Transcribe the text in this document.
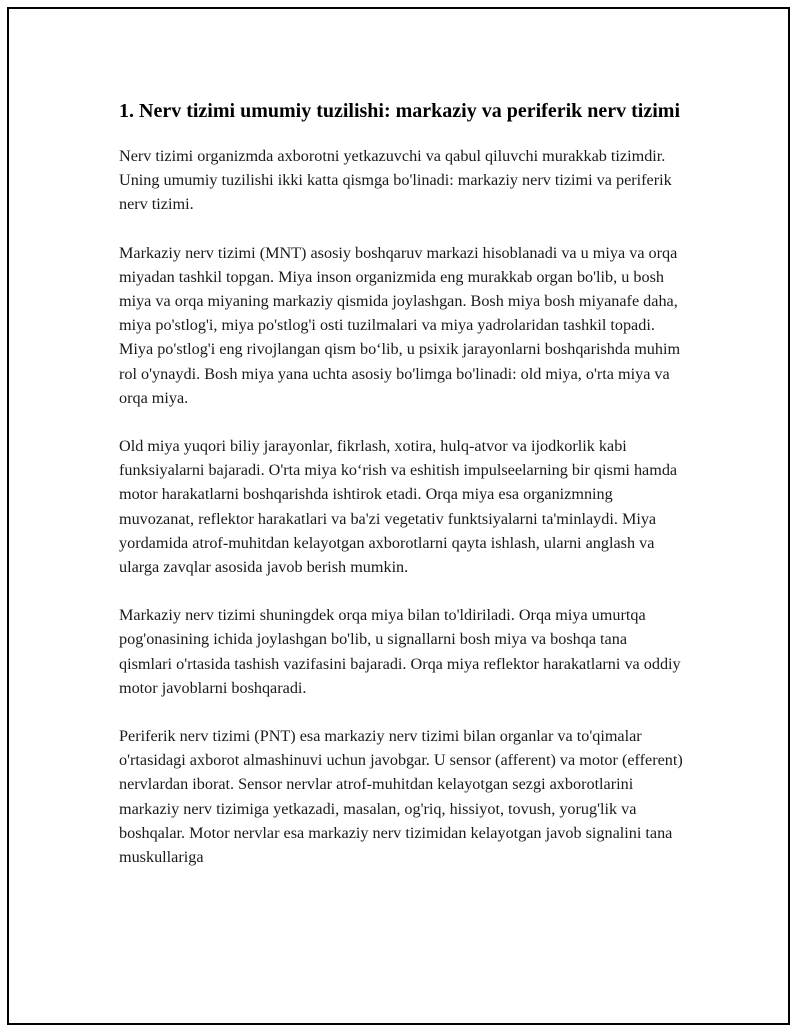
1. Nerv tizimi umumiy tuzilishi: markaziy va periferik nerv tizimi

Nerv tizimi organizmda axborotni yetkazuvchi va qabul qiluvchi murakkab tizimdir. Uning umumiy tuzilishi ikki katta qismga bo'linadi: markaziy nerv tizimi va periferik nerv tizimi.

Markaziy nerv tizimi (MNT) asosiy boshqaruv markazi hisoblanadi va u miya va orqa miyadan tashkil topgan. Miya inson organizmida eng murakkab organ bo'lib, u bosh miya va orqa miyaning markaziy qismida joylashgan. Bosh miya bosh miyanafe daha, miya po'stlog'i, miya po'stlog'i osti tuzilmalari va miya yadrolaridan tashkil topadi. Miya po'stlog'i eng rivojlangan qism bo‘lib, u psixik jarayonlarni boshqarishda muhim rol o'ynaydi. Bosh miya yana uchta asosiy bo'limga bo'linadi: old miya, o'rta miya va orqa miya.

Old miya yuqori biliy jarayonlar, fikrlash, xotira, hulq-atvor va ijodkorlik kabi funksiyalarni bajaradi. O'rta miya ko‘rish va eshitish impulseelarning bir qismi hamda motor harakatlarni boshqarishda ishtirok etadi. Orqa miya esa organizmning muvozanat, reflektor harakatlari va ba'zi vegetativ funktsiyalarni ta'minlaydi. Miya yordamida atrof-muhitdan kelayotgan axborotlarni qayta ishlash, ularni anglash va ularga zavqlar asosida javob berish mumkin.

Markaziy nerv tizimi shuningdek orqa miya bilan to'ldiriladi. Orqa miya umurtqa pog'onasining ichida joylashgan bo'lib, u signallarni bosh miya va boshqa tana qismlari o'rtasida tashish vazifasini bajaradi. Orqa miya reflektor harakatlarni va oddiy motor javoblarni boshqaradi.

Periferik nerv tizimi (PNT) esa markaziy nerv tizimi bilan organlar va to'qimalar o'rtasidagi axborot almashinuvi uchun javobgar. U sensor (afferent) va motor (efferent) nervlardan iborat. Sensor nervlar atrof-muhitdan kelayotgan sezgi axborotlarini markaziy nerv tizimiga yetkazadi, masalan, og'riq, hissiyot, tovush, yorug'lik va boshqalar. Motor nervlar esa markaziy nerv tizimidan kelayotgan javob signalini tana muskullariga
